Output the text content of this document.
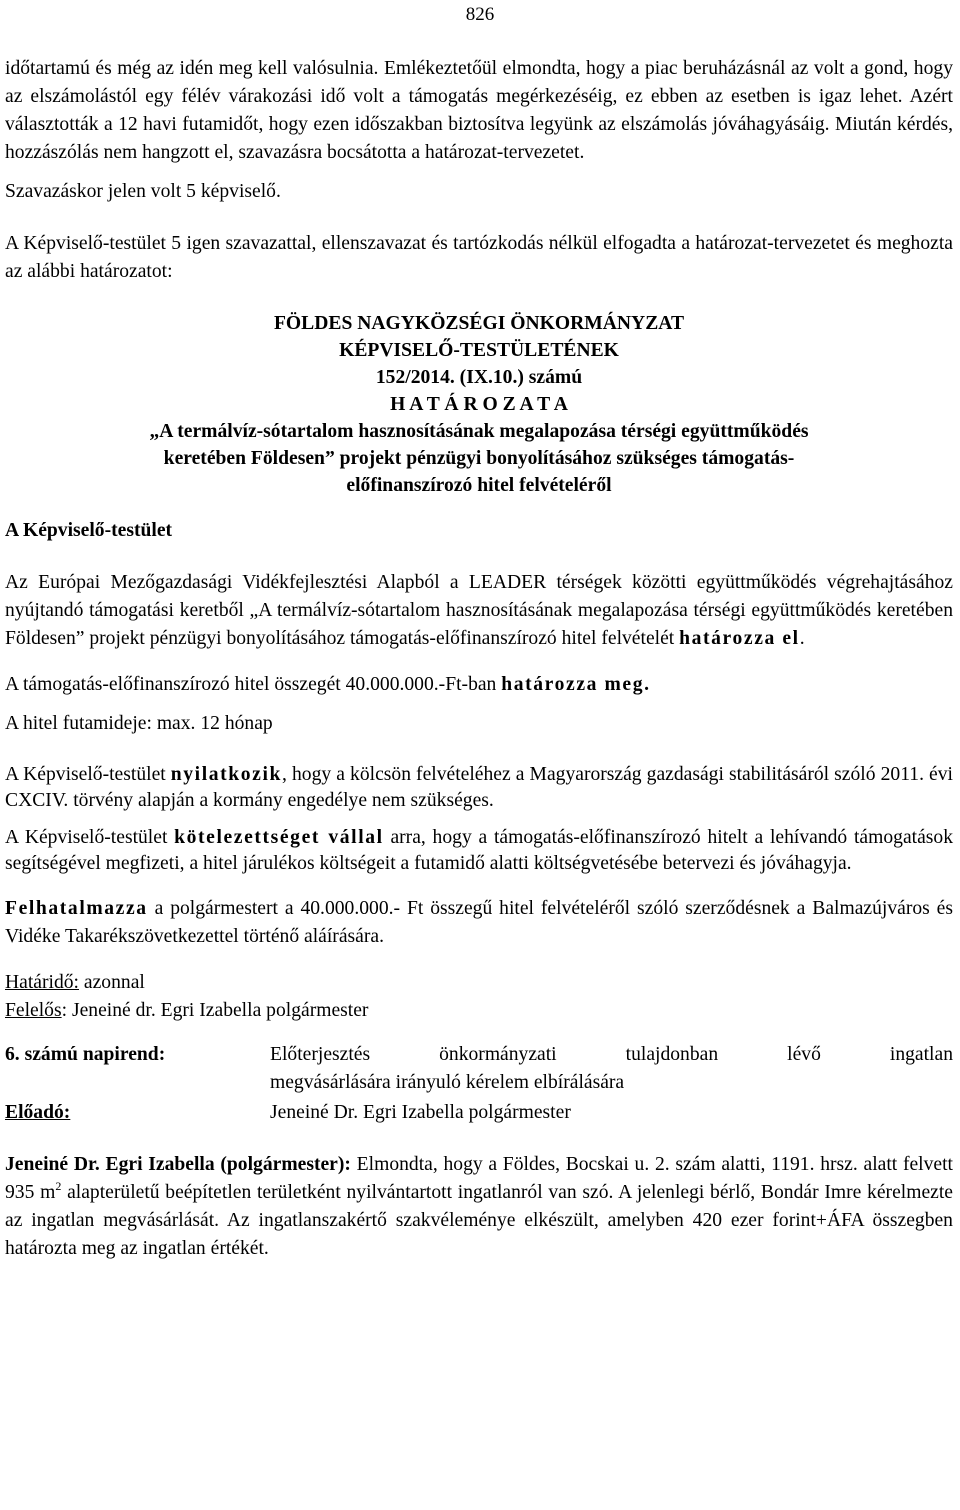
826

időtartamú és még az idén meg kell valósulnia. Emlékeztetőül elmondta, hogy a piac beruházásnál az volt a gond, hogy az elszámolástól egy félév várakozási idő volt a támogatás megérkezéséig, ez ebben az esetben is igaz lehet. Azért választották a 12 havi futamidőt, hogy ezen időszakban biztosítva legyünk az elszámolás jóváhagyásáig. Miután kérdés, hozzászólás nem hangzott el, szavazásra bocsátotta a határozat-tervezetet.

Szavazáskor jelen volt 5 képviselő.

A Képviselő-testület 5 igen szavazattal, ellenszavazat és tartózkodás nélkül elfogadta a határozat-tervezetet és meghozta az alábbi határozatot:

FÖLDES NAGYKÖZSÉGI ÖNKORMÁNYZAT
KÉPVISELŐ-TESTÜLETÉNEK
152/2014. (IX.10.) számú
H A T Á R O Z A T A
„A termálvíz-sótartalom hasznosításának megalapozása térségi együttműködés
keretében Földesen” projekt pénzügyi bonyolításához szükséges támogatás-
előfinanszírozó hitel felvételéről

A Képviselő-testület

Az Európai Mezőgazdasági Vidékfejlesztési Alapból a LEADER térségek közötti együttműködés végrehajtásához nyújtandó támogatási keretből „A termálvíz-sótartalom hasznosításának megalapozása térségi együttműködés keretében Földesen” projekt pénzügyi bonyolításához támogatás-előfinanszírozó hitel felvételét határozza el.

A támogatás-előfinanszírozó hitel összegét 40.000.000.-Ft-ban határozza meg.

A hitel futamideje: max. 12 hónap

A Képviselő-testület nyilatkozik, hogy a kölcsön felvételéhez a Magyarország gazdasági stabilitásáról szóló 2011. évi CXCIV. törvény alapján a kormány engedélye nem szükséges.

A Képviselő-testület kötelezettséget vállal arra, hogy a támogatás-előfinanszírozó hitelt a lehívandó támogatások segítségével megfizeti, a hitel járulékos költségeit a futamidő alatti költségvetésébe betervezi és jóváhagyja.

Felhatalmazza a polgármestert a 40.000.000.- Ft összegű hitel felvételéről szóló szerződésnek a Balmazújváros és Vidéke Takarékszövetkezettel történő aláírására.

Határidő: azonnal

Felelős: Jeneiné dr. Egri Izabella polgármester

6. számú napirend:	Előterjesztés önkormányzati tulajdonban lévő ingatlan
megvásárlására irányuló kérelem elbírálására
Előadó:	Jeneiné Dr. Egri Izabella polgármester

Jeneiné Dr. Egri Izabella (polgármester): Elmondta, hogy a Földes, Bocskai u. 2. szám alatti, 1191. hrsz. alatt felvett 935 $m^2$ alapterületű beépítetlen területként nyilvántartott ingatlanról van szó. A jelenlegi bérlő, Bondár Imre kérelmezte az ingatlan megvásárlását. Az ingatlanszakértő szakvéleménye elkészült, amelyben 420 ezer forint+ÁFA összegben határozta meg az ingatlan értékét.
